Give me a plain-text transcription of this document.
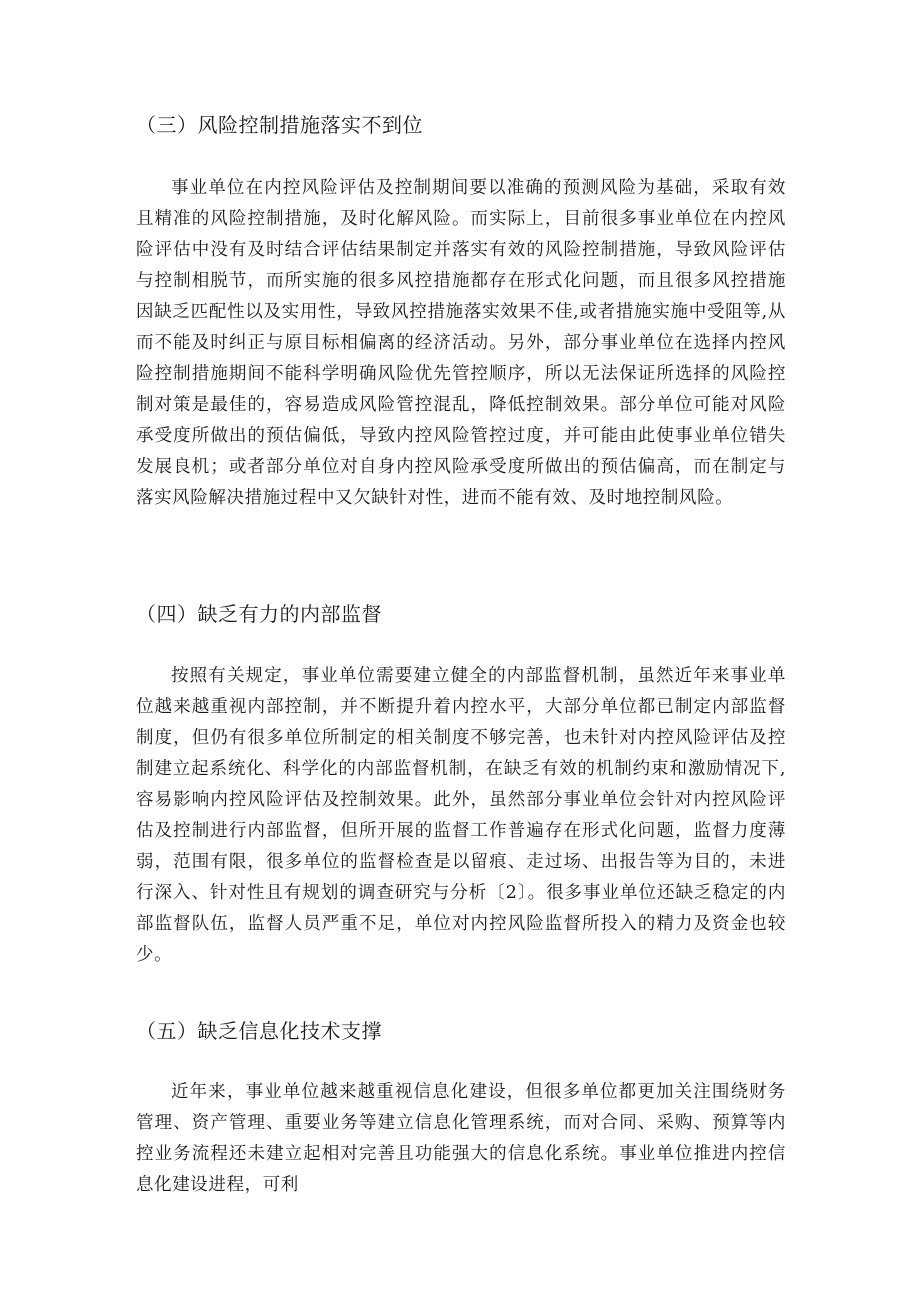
（三）风险控制措施落实不到位

事业单位在内控风险评估及控制期间要以准确的预测风险为基础，采取有效且精准的风险控制措施，及时化解风险。而实际上，目前很多事业单位在内控风险评估中没有及时结合评估结果制定并落实有效的风险控制措施，导致风险评估与控制相脱节，而所实施的很多风控措施都存在形式化问题，而且很多风控措施因缺乏匹配性以及实用性，导致风控措施落实效果不佳,或者措施实施中受阻等,从而不能及时纠正与原目标相偏离的经济活动。另外，部分事业单位在选择内控风险控制措施期间不能科学明确风险优先管控顺序，所以无法保证所选择的风险控制对策是最佳的，容易造成风险管控混乱，降低控制效果。部分单位可能对风险承受度所做出的预估偏低，导致内控风险管控过度，并可能由此使事业单位错失发展良机；或者部分单位对自身内控风险承受度所做出的预估偏高，而在制定与落实风险解决措施过程中又欠缺针对性，进而不能有效、及时地控制风险。

（四）缺乏有力的内部监督

按照有关规定，事业单位需要建立健全的内部监督机制，虽然近年来事业单位越来越重视内部控制，并不断提升着内控水平，大部分单位都已制定内部监督制度，但仍有很多单位所制定的相关制度不够完善，也未针对内控风险评估及控制建立起系统化、科学化的内部监督机制，在缺乏有效的机制约束和激励情况下,容易影响内控风险评估及控制效果。此外，虽然部分事业单位会针对内控风险评估及控制进行内部监督，但所开展的监督工作普遍存在形式化问题，监督力度薄弱，范围有限，很多单位的监督检查是以留痕、走过场、出报告等为目的，未进行深入、针对性且有规划的调查研究与分析〔2〕。很多事业单位还缺乏稳定的内部监督队伍，监督人员严重不足，单位对内控风险监督所投入的精力及资金也较少。

（五）缺乏信息化技术支撑

近年来，事业单位越来越重视信息化建设，但很多单位都更加关注围绕财务管理、资产管理、重要业务等建立信息化管理系统，而对合同、采购、预算等内控业务流程还未建立起相对完善且功能强大的信息化系统。事业单位推进内控信息化建设进程，可利
